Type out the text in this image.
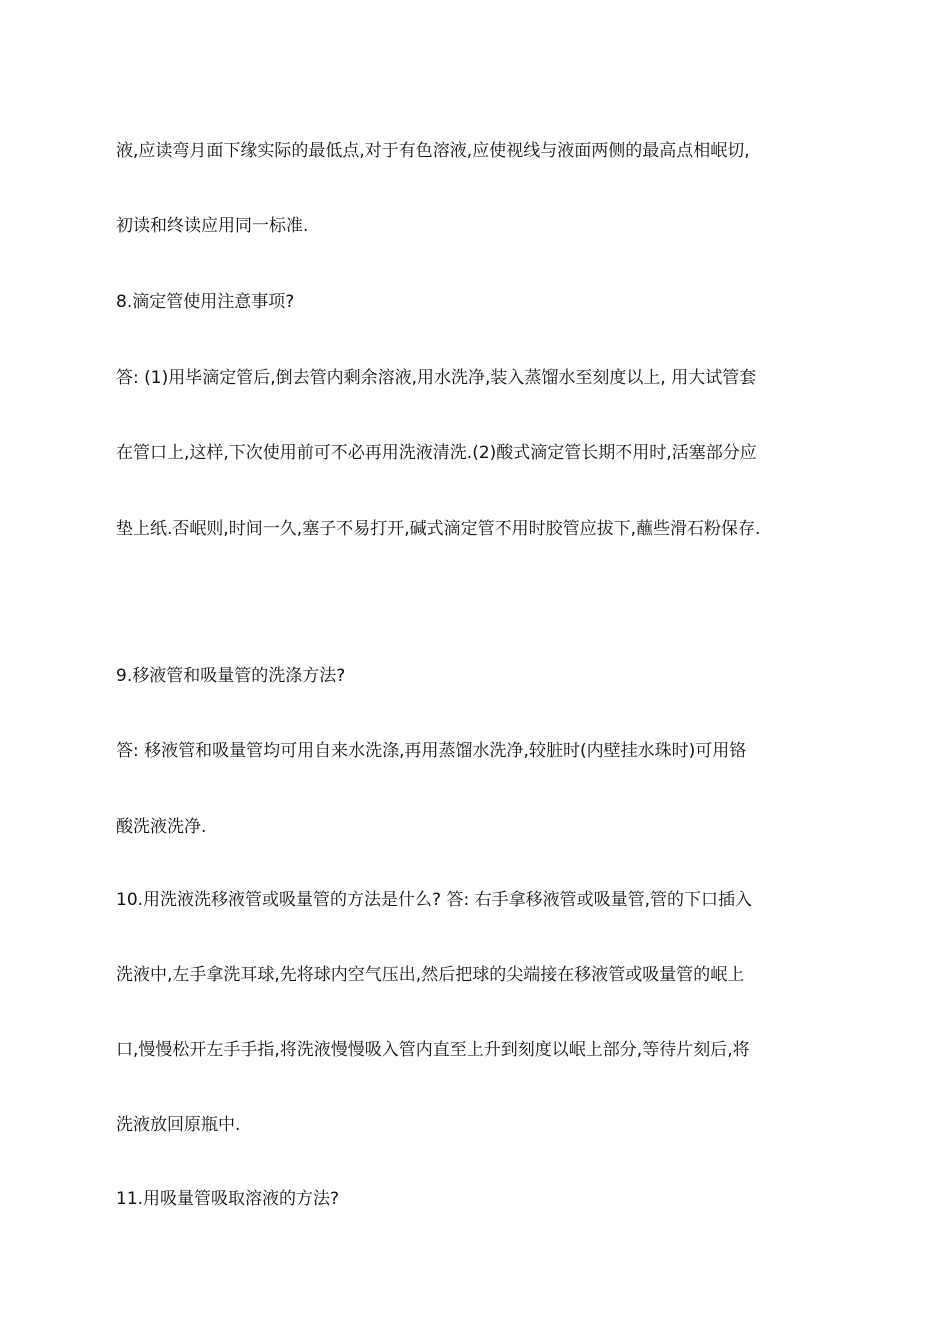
液,应读弯月面下缘实际的最低点,对于有色溶液,应使视线与液面两侧的最高点相岷切,
初读和终读应用同一标准.
8.滴定管使用注意事项?
答: (1)用毕滴定管后,倒去管内剩余溶液,用水洗净,装入蒸馏水至刻度以上, 用大试管套
在管口上,这样,下次使用前可不必再用洗液清洗.(2)酸式滴定管长期不用时,活塞部分应
垫上纸.否岷则,时间一久,塞子不易打开,碱式滴定管不用时胶管应拔下,蘸些滑石粉保存.
9.移液管和吸量管的洗涤方法?
答: 移液管和吸量管均可用自来水洗涤,再用蒸馏水洗净,较脏时(内壁挂水珠时)可用铬
酸洗液洗净.
10.用洗液洗移液管或吸量管的方法是什么? 答: 右手拿移液管或吸量管,管的下口插入
洗液中,左手拿洗耳球,先将球内空气压出,然后把球的尖端接在移液管或吸量管的岷上
口,慢慢松开左手手指,将洗液慢慢吸入管内直至上升到刻度以岷上部分,等待片刻后,将
洗液放回原瓶中.
11.用吸量管吸取溶液的方法?
